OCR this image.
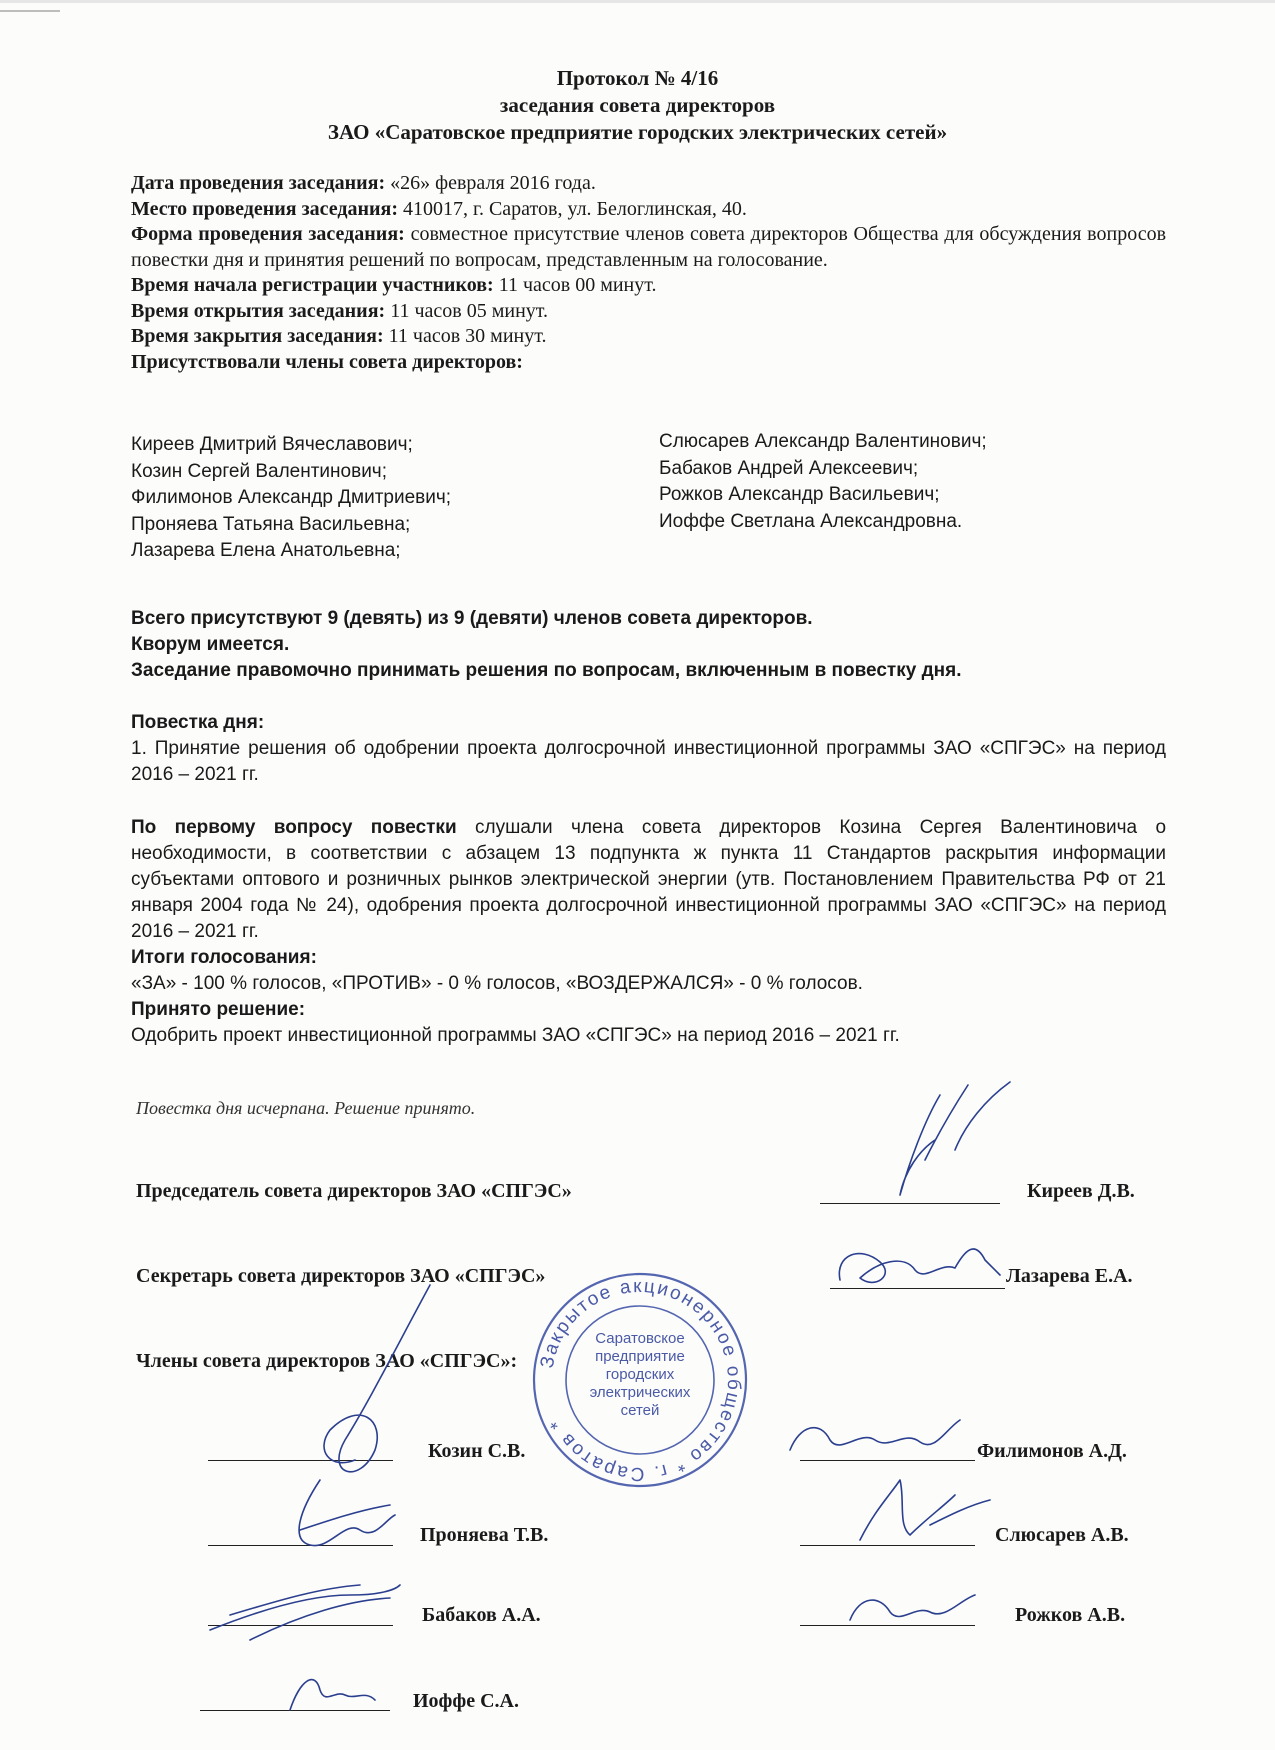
Протокол № 4/16
заседания совета директоров
ЗАО «Саратовское предприятие городских электрических сетей»
Дата проведения заседания: «26» февраля 2016 года.
Место проведения заседания: 410017, г. Саратов, ул. Белоглинская, 40.
Форма проведения заседания: совместное присутствие членов совета директоров Общества для обсуждения вопросов повестки дня и принятия решений по вопросам, представленным на голосование.
Время начала регистрации участников: 11 часов 00 минут.
Время открытия заседания: 11 часов 05 минут.
Время закрытия заседания: 11 часов 30 минут.
Присутствовали члены совета директоров:
Киреев Дмитрий Вячеславович;
Козин Сергей Валентинович;
Филимонов Александр Дмитриевич;
Проняева Татьяна Васильевна;
Лазарева Елена Анатольевна;
Слюсарев Александр Валентинович;
Бабаков Андрей Алексеевич;
Рожков Александр Васильевич;
Иоффе Светлана Александровна.
Всего присутствуют 9 (девять) из 9 (девяти) членов совета директоров.
Кворум имеется.
Заседание правомочно принимать решения по вопросам, включенным в повестку дня.
Повестка дня:
1. Принятие решения об одобрении проекта долгосрочной инвестиционной программы ЗАО «СПГЭС» на период 2016 – 2021 гг.
По первому вопросу повестки слушали члена совета директоров Козина Сергея Валентиновича о необходимости, в соответствии с абзацем 13 подпункта ж пункта 11 Стандартов раскрытия информации субъектами оптового и розничных рынков электрической энергии (утв. Постановлением Правительства РФ от 21 января 2004 года № 24), одобрения проекта долгосрочной инвестиционной программы ЗАО «СПГЭС» на период 2016 – 2021 гг.
Итоги голосования:
«ЗА» - 100 % голосов, «ПРОТИВ» - 0 % голосов, «ВОЗДЕРЖАЛСЯ» - 0 % голосов.
Принято решение:
Одобрить проект инвестиционной программы ЗАО «СПГЭС» на период 2016 – 2021 гг.
Повестка дня исчерпана. Решение принято.
Председатель совета директоров ЗАО «СПГЭС»	Киреев Д.В.
Секретарь совета директоров ЗАО «СПГЭС»	Лазарева Е.А.
Члены совета директоров ЗАО «СПГЭС»:
Козин С.В.	Филимонов А.Д.
Проняева Т.В.	Слюсарев А.В.
Бабаков А.А.	Рожков А.В.
Иоффе С.А.
Закрытое акционерное общество * г. Саратов *
Саратовское
предприятие
городских
электрических
сетей
